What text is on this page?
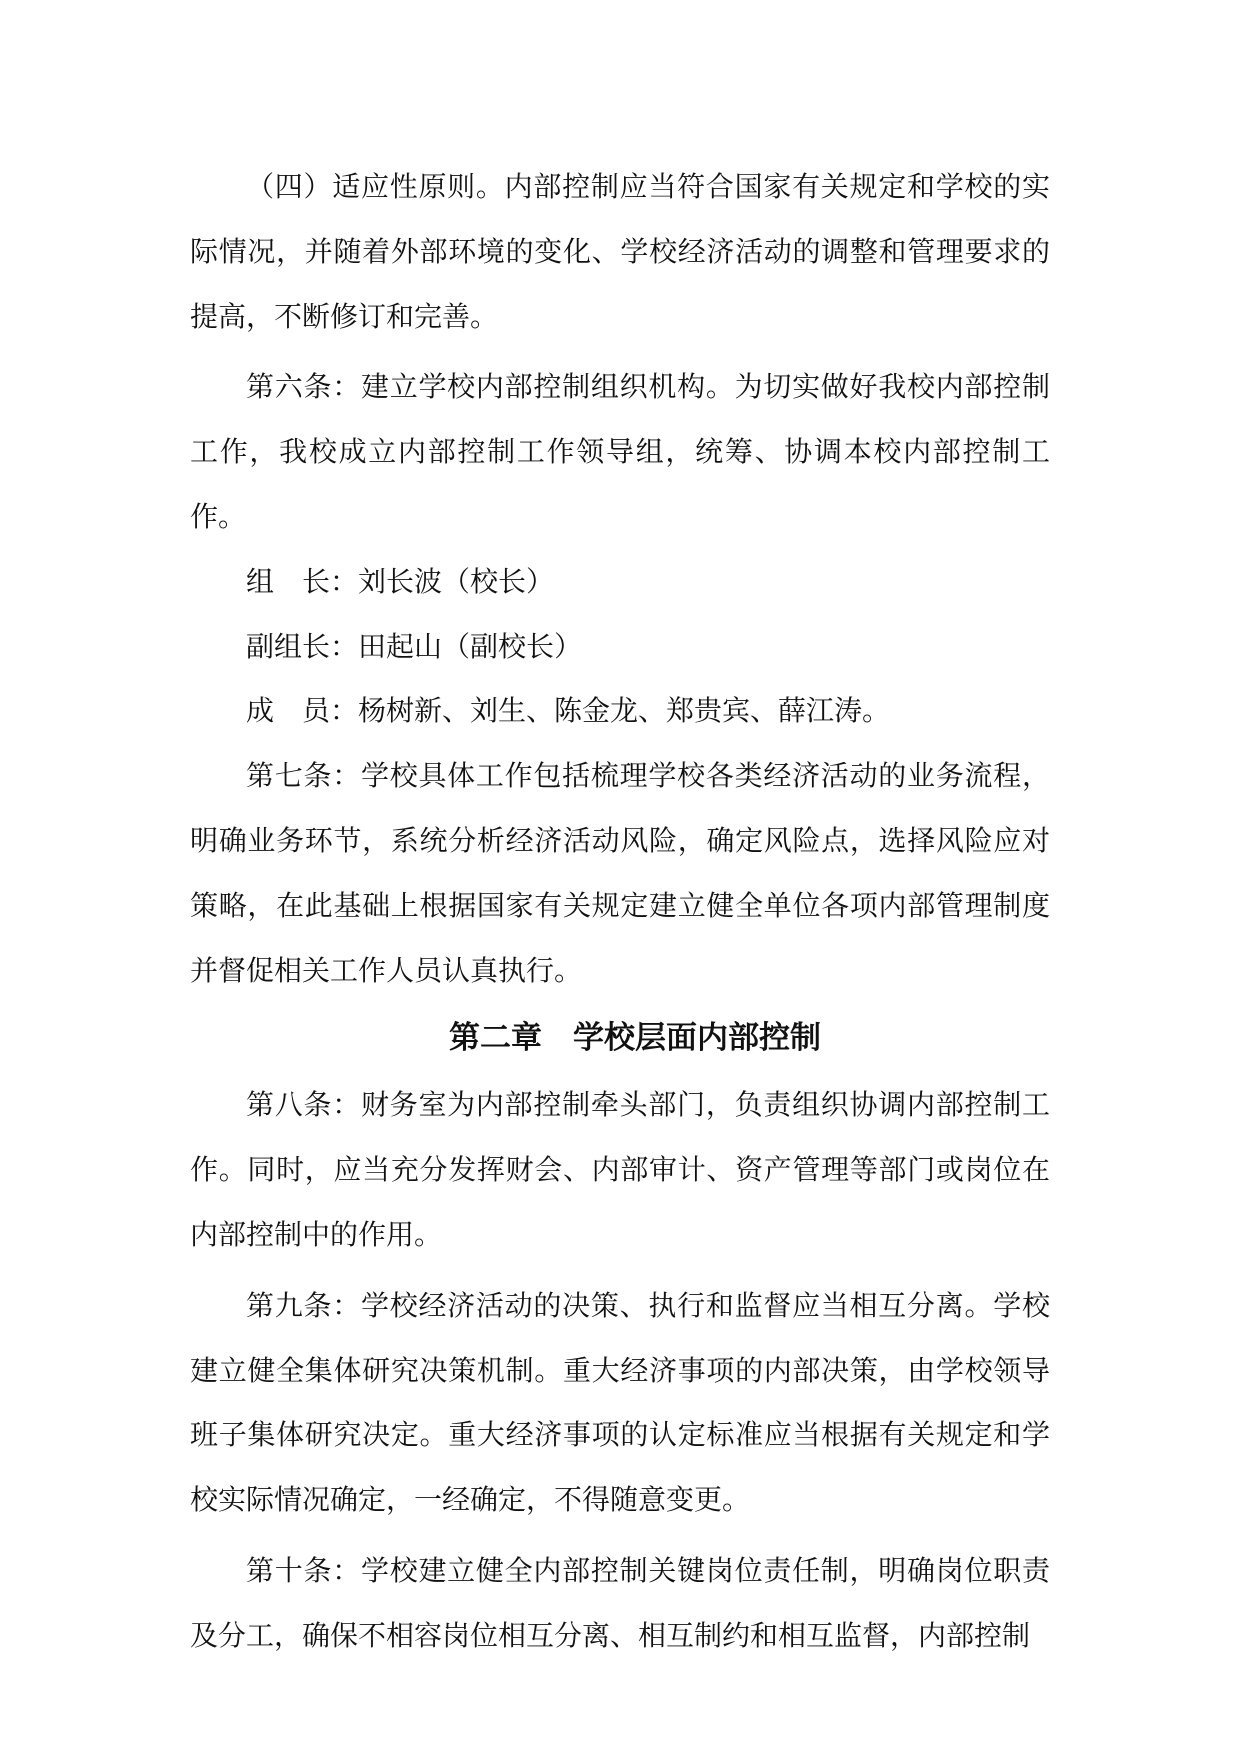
（四）适应性原则。内部控制应当符合国家有关规定和学校的实际情况，并随着外部环境的变化、学校经济活动的调整和管理要求的提高，不断修订和完善。

第六条：建立学校内部控制组织机构。为切实做好我校内部控制工作，我校成立内部控制工作领导组，统筹、协调本校内部控制工作。

组　长：刘长波（校长）

副组长：田起山（副校长）

成　员：杨树新、刘生、陈金龙、郑贵宾、薛江涛。

第七条：学校具体工作包括梳理学校各类经济活动的业务流程，明确业务环节，系统分析经济活动风险，确定风险点，选择风险应对策略，在此基础上根据国家有关规定建立健全单位各项内部管理制度并督促相关工作人员认真执行。

第二章　学校层面内部控制

第八条：财务室为内部控制牵头部门，负责组织协调内部控制工作。同时，应当充分发挥财会、内部审计、资产管理等部门或岗位在内部控制中的作用。

第九条：学校经济活动的决策、执行和监督应当相互分离。学校建立健全集体研究决策机制。重大经济事项的内部决策，由学校领导班子集体研究决定。重大经济事项的认定标准应当根据有关规定和学校实际情况确定，一经确定，不得随意变更。

第十条：学校建立健全内部控制关键岗位责任制，明确岗位职责及分工，确保不相容岗位相互分离、相互制约和相互监督，内部控制
